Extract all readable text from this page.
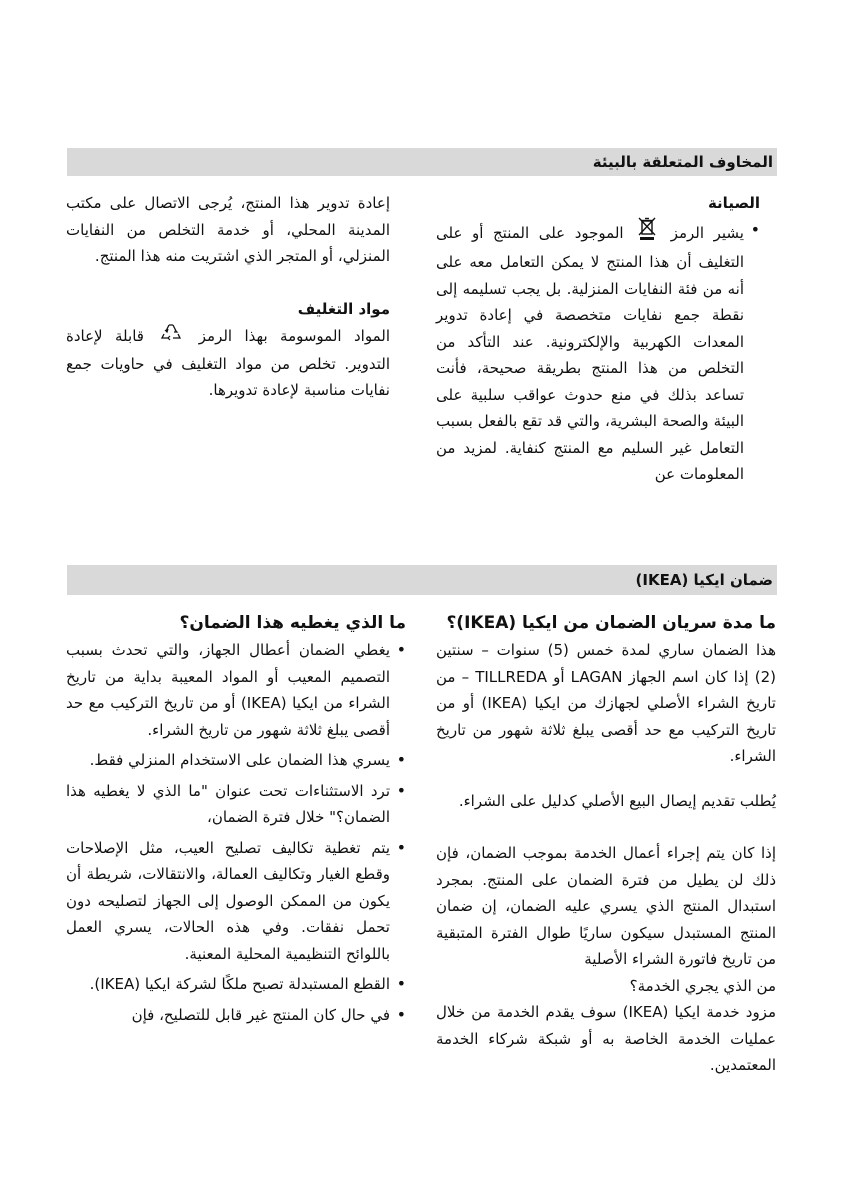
المخاوف المتعلقة بالبيئة
الصيانة
• يشير الرمز  الموجود على المنتج أو على التغليف أن هذا المنتج لا يمكن التعامل معه على أنه من فئة النفايات المنزلية. بل يجب تسليمه إلى نقطة جمع نفايات متخصصة في إعادة تدوير المعدات الكهربية والإلكترونية. عند التأكد من التخلص من هذا المنتج بطريقة صحيحة، فأنت تساعد بذلك في منع حدوث عواقب سلبية على البيئة والصحة البشرية، والتي قد تقع بالفعل بسبب التعامل غير السليم مع المنتج كنفاية. لمزيد من المعلومات عن

إعادة تدوير هذا المنتج، يُرجى الاتصال على مكتب المدينة المحلي، أو خدمة التخلص من النفايات المنزلي، أو المتجر الذي اشتريت منه هذا المنتج.

مواد التغليف

المواد الموسومة بهذا الرمز  قابلة لإعادة التدوير. تخلص من مواد التغليف في حاويات جمع نفايات مناسبة لإعادة تدويرها.

ضمان ايكيا (IKEA)
ما مدة سريان الضمان من ايكيا (IKEA)؟

هذا الضمان ساري لمدة خمس (5) سنوات – سنتين (2) إذا كان اسم الجهاز LAGAN أو TILLREDA – من تاريخ الشراء الأصلي لجهازك من ايكيا (IKEA) أو من تاريخ التركيب مع حد أقصى يبلغ ثلاثة شهور من تاريخ الشراء.

يُطلب تقديم إيصال البيع الأصلي كدليل على الشراء.

إذا كان يتم إجراء أعمال الخدمة بموجب الضمان، فإن ذلك لن يطيل من فترة الضمان على المنتج. بمجرد استبدال المنتج الذي يسري عليه الضمان، إن ضمان المنتج المستبدل سيكون ساريًا طوال الفترة المتبقية من تاريخ فاتورة الشراء الأصلية

من الذي يجري الخدمة؟

مزود خدمة ايكيا (IKEA) سوف يقدم الخدمة من خلال عمليات الخدمة الخاصة به أو شبكة شركاء الخدمة المعتمدين.

ما الذي يغطيه هذا الضمان؟
• يغطي الضمان أعطال الجهاز، والتي تحدث بسبب التصميم المعيب أو المواد المعيبة بداية من تاريخ الشراء من ايكيا (IKEA) أو من تاريخ التركيب مع حد أقصى يبلغ ثلاثة شهور من تاريخ الشراء.
• يسري هذا الضمان على الاستخدام المنزلي فقط.
• ترد الاستثناءات تحت عنوان "ما الذي لا يغطيه هذا الضمان؟" خلال فترة الضمان،
• يتم تغطية تكاليف تصليح العيب، مثل الإصلاحات وقطع الغيار وتكاليف العمالة، والانتقالات، شريطة أن يكون من الممكن الوصول إلى الجهاز لتصليحه دون تحمل نفقات. وفي هذه الحالات، يسري العمل باللوائح التنظيمية المحلية المعنية.
• القطع المستبدلة تصبح ملكًا لشركة ايكيا (IKEA).
• في حال كان المنتج غير قابل للتصليح، فإن
